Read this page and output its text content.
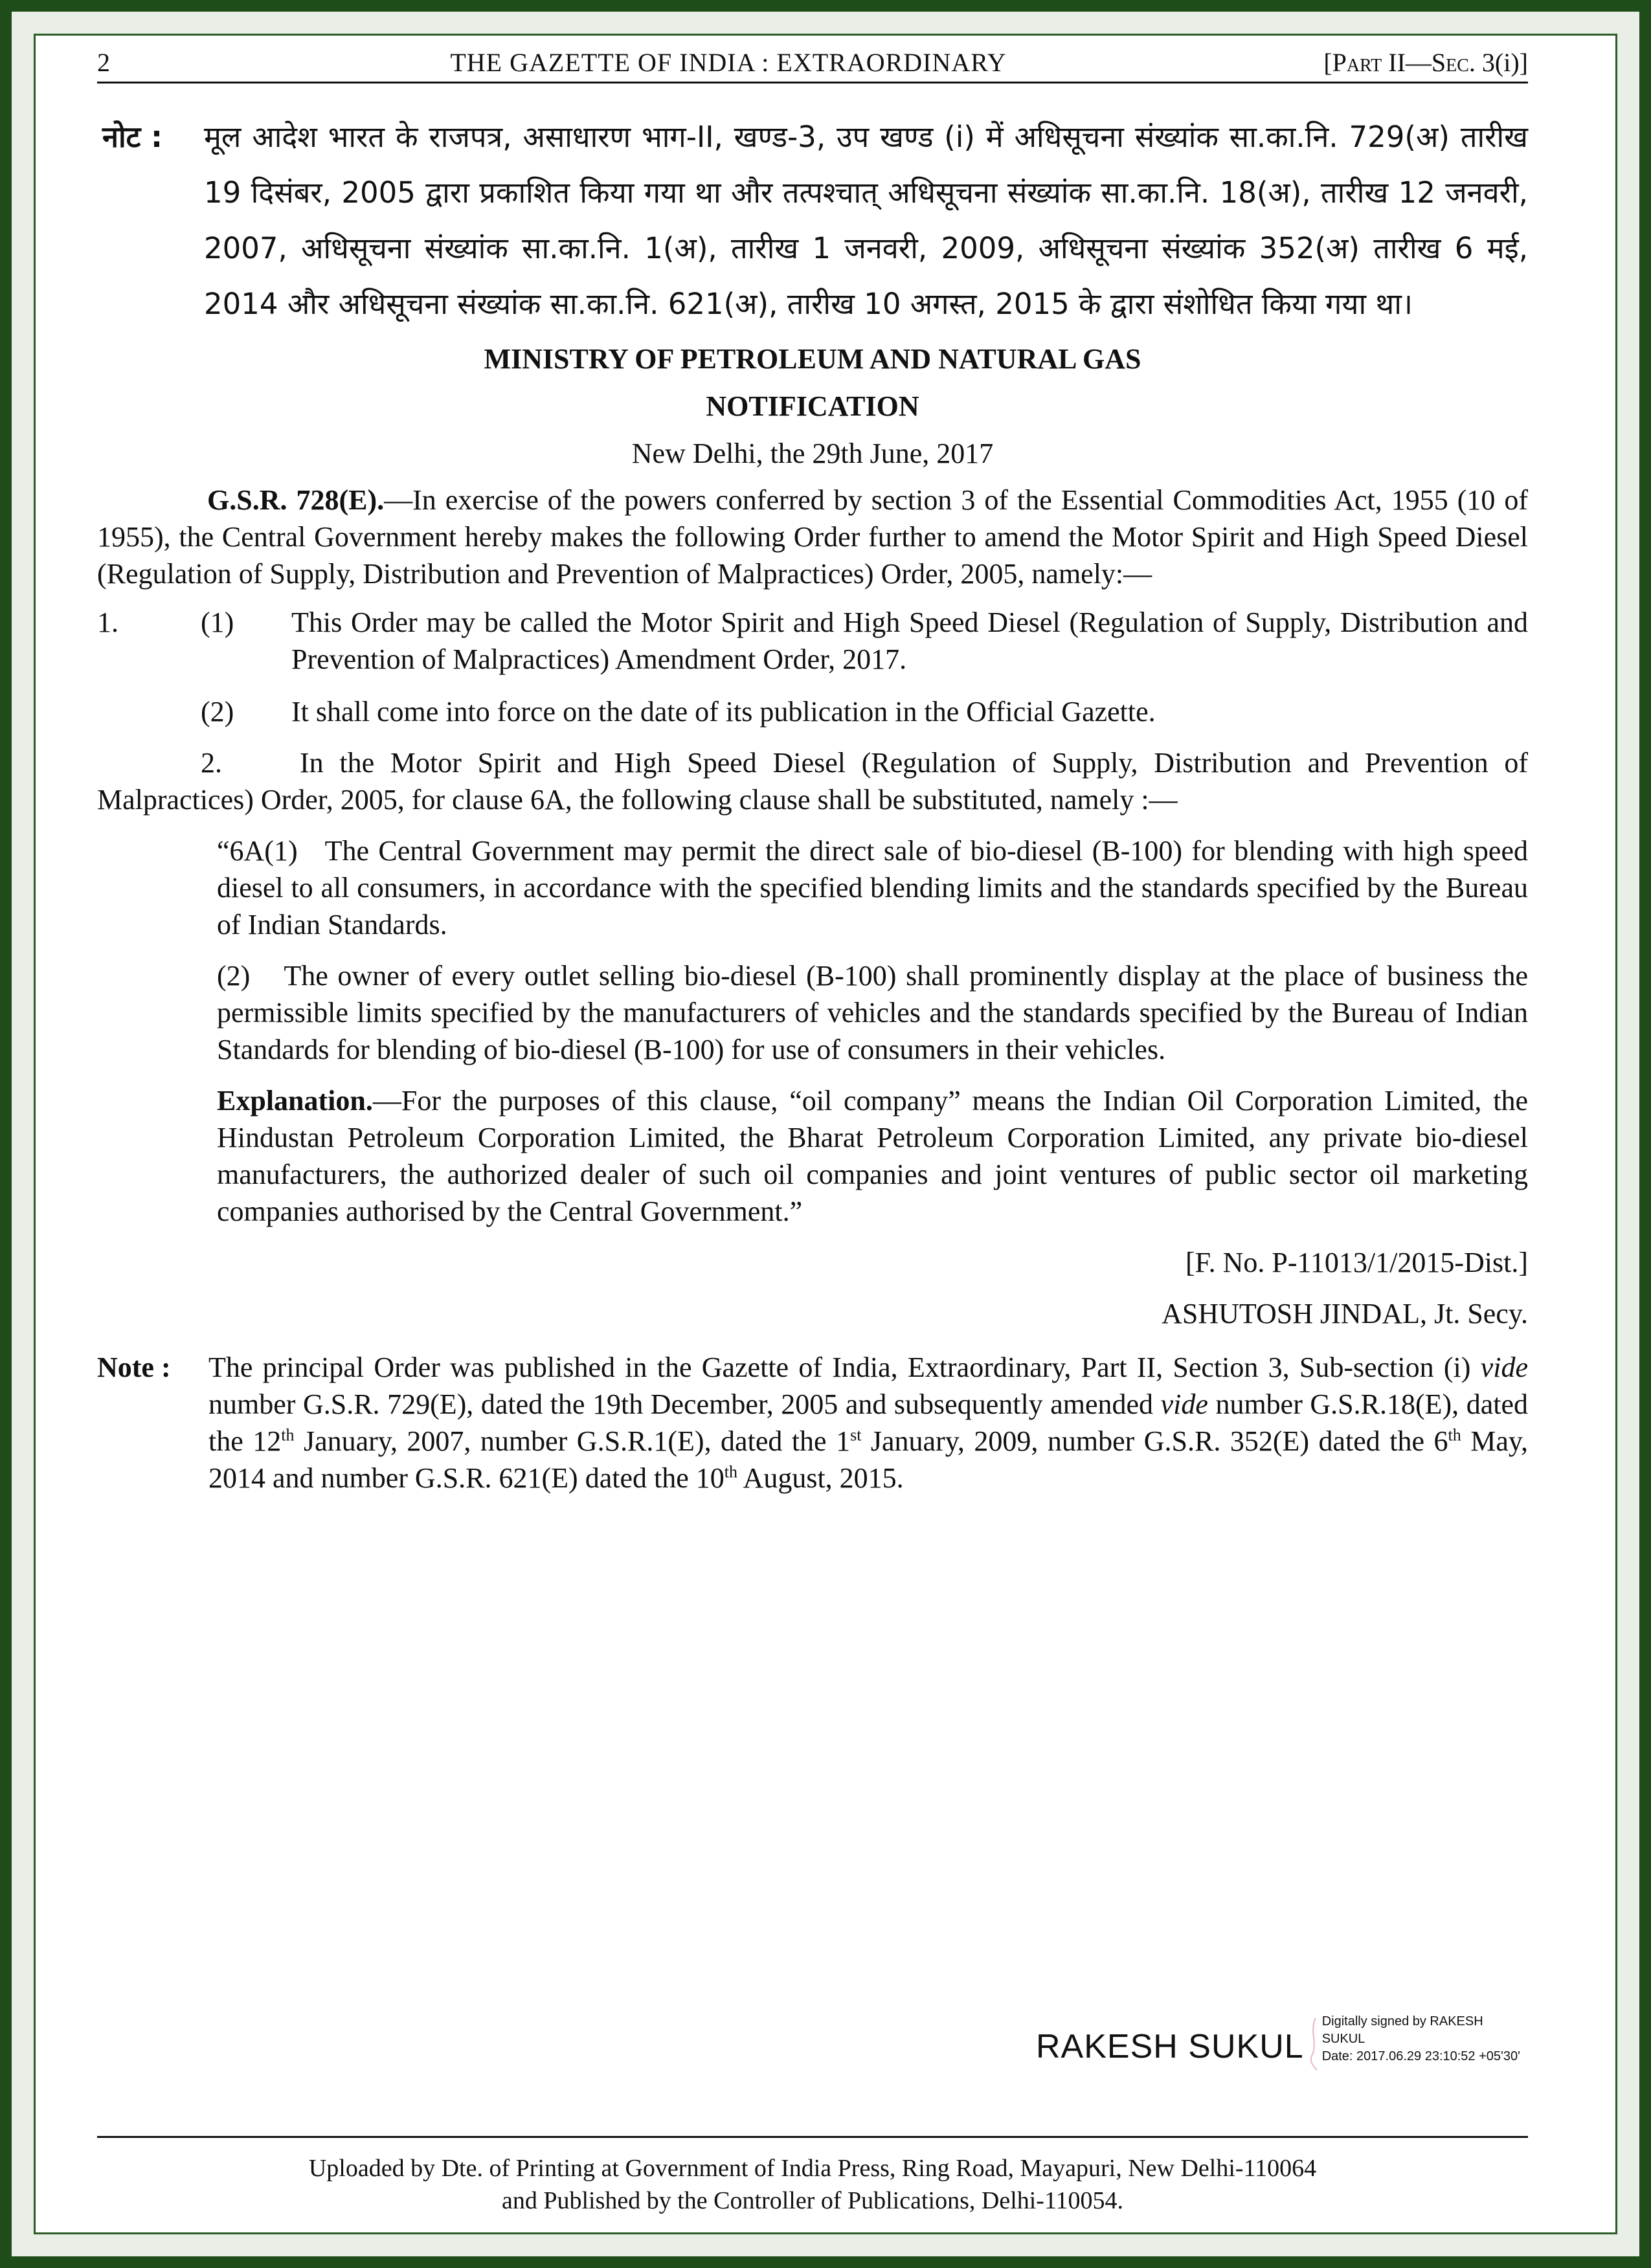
2	THE GAZETTE OF INDIA : EXTRAORDINARY	[Part II—Sec. 3(i)]
नोट : मूल आदेश भारत के राजपत्र, असाधारण भाग-II, खण्ड-3, उप खण्ड (i) में अधिसूचना संख्यांक सा.का.नि. 729(अ) तारीख 19 दिसंबर, 2005 द्वारा प्रकाशित किया गया था और तत्पश्चात् अधिसूचना संख्यांक सा.का.नि. 18(अ), तारीख 12 जनवरी, 2007, अधिसूचना संख्यांक सा.का.नि. 1(अ), तारीख 1 जनवरी, 2009, अधिसूचना संख्यांक 352(अ) तारीख 6 मई, 2014 और अधिसूचना संख्यांक सा.का.नि. 621(अ), तारीख 10 अगस्त, 2015 के द्वारा संशोधित किया गया था।
MINISTRY OF PETROLEUM AND NATURAL GAS
NOTIFICATION
New Delhi, the 29th June, 2017

G.S.R. 728(E).—In exercise of the powers conferred by section 3 of the Essential Commodities Act, 1955 (10 of 1955), the Central Government hereby makes the following Order further to amend the Motor Spirit and High Speed Diesel (Regulation of Supply, Distribution and Prevention of Malpractices) Order, 2005, namely:—

1.	(1)	This Order may be called the Motor Spirit and High Speed Diesel (Regulation of Supply, Distribution and Prevention of Malpractices) Amendment Order, 2017.
(2)	It shall come into force on the date of its publication in the Official Gazette.

2.	In the Motor Spirit and High Speed Diesel (Regulation of Supply, Distribution and Prevention of Malpractices) Order, 2005, for clause 6A, the following clause shall be substituted, namely :—

“6A(1) The Central Government may permit the direct sale of bio-diesel (B-100) for blending with high speed diesel to all consumers, in accordance with the specified blending limits and the standards specified by the Bureau of Indian Standards.

(2) The owner of every outlet selling bio-diesel (B-100) shall prominently display at the place of business the permissible limits specified by the manufacturers of vehicles and the standards specified by the Bureau of Indian Standards for blending of bio-diesel (B-100) for use of consumers in their vehicles.

Explanation.—For the purposes of this clause, “oil company” means the Indian Oil Corporation Limited, the Hindustan Petroleum Corporation Limited, the Bharat Petroleum Corporation Limited, any private bio-diesel manufacturers, the authorized dealer of such oil companies and joint ventures of public sector oil marketing companies authorised by the Central Government.”

[F. No. P-11013/1/2015-Dist.]
ASHUTOSH JINDAL, Jt. Secy.
Note :	The principal Order was published in the Gazette of India, Extraordinary, Part II, Section 3, Sub-section (i) vide number G.S.R. 729(E), dated the 19th December, 2005 and subsequently amended vide number G.S.R.18(E), dated the 12th January, 2007, number G.S.R.1(E), dated the 1st January, 2009, number G.S.R. 352(E) dated the 6th May, 2014 and number G.S.R. 621(E) dated the 10th August, 2015.
RAKESH SUKUL
Digitally signed by RAKESH
SUKUL
Date: 2017.06.29 23:10:52 +05'30'
Uploaded by Dte. of Printing at Government of India Press, Ring Road, Mayapuri, New Delhi-110064
and Published by the Controller of Publications, Delhi-110054.
